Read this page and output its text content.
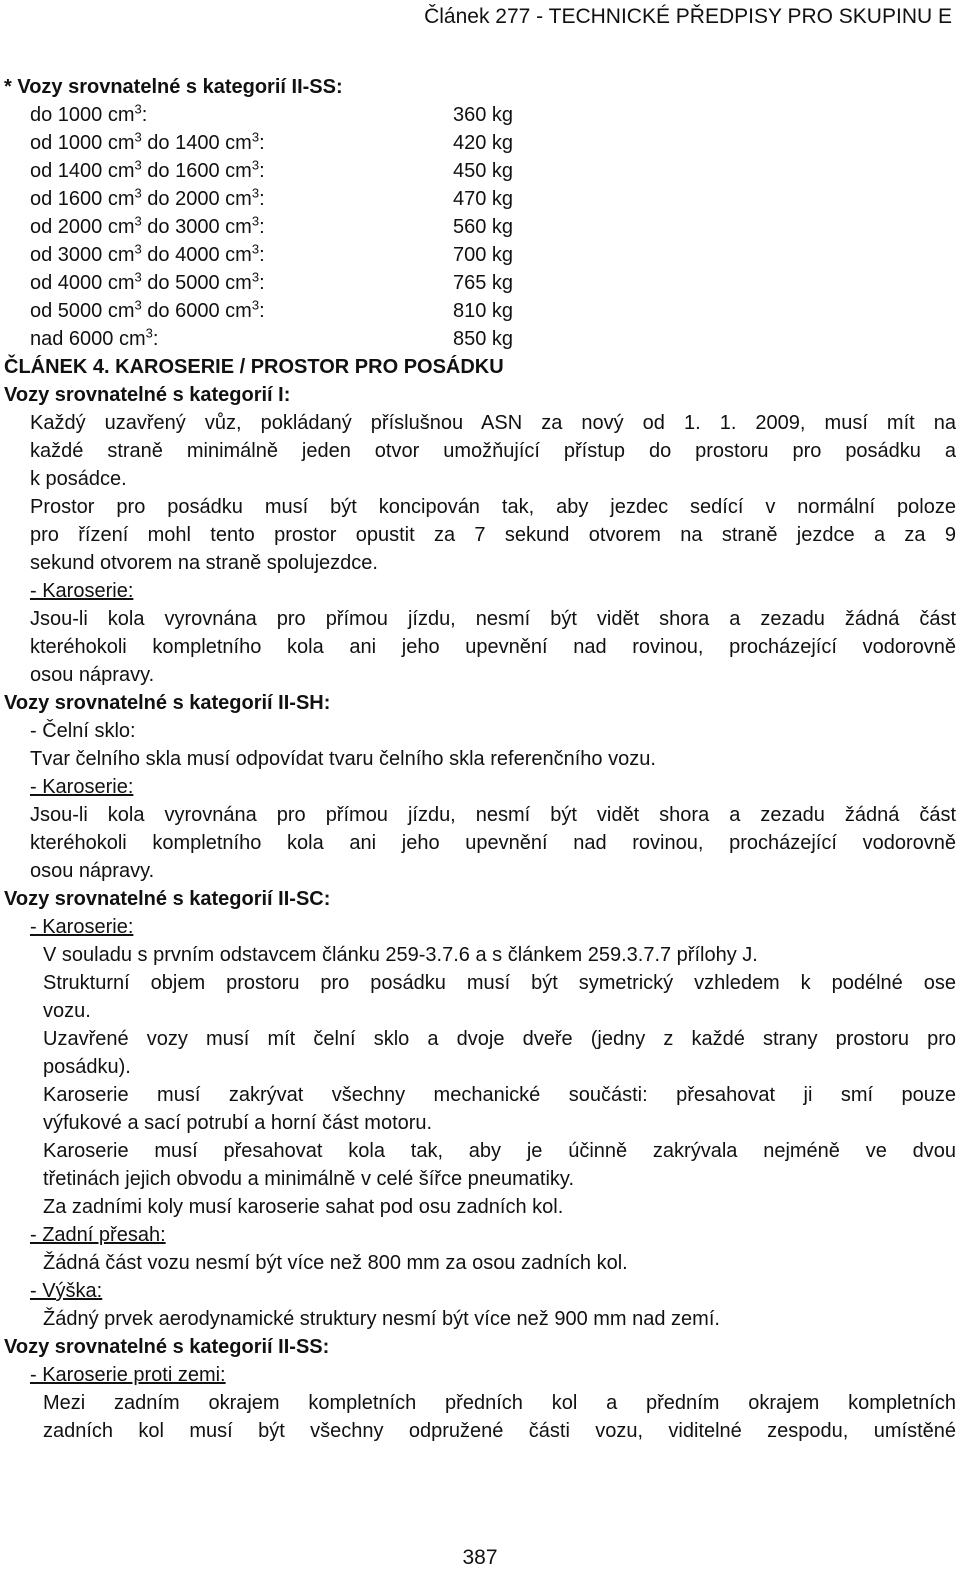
Článek 277 - TECHNICKÉ PŘEDPISY PRO SKUPINU E
* Vozy srovnatelné s kategorií II-SS:
do 1000 $cm^3$:	360 kg
od 1000 $cm^3$ do 1400 $cm^3$:	420 kg
od 1400 $cm^3$ do 1600 $cm^3$:	450 kg
od 1600 $cm^3$ do 2000 $cm^3$:	470 kg
od 2000 $cm^3$ do 3000 $cm^3$:	560 kg
od 3000 $cm^3$ do 4000 $cm^3$:	700 kg
od 4000 $cm^3$ do 5000 $cm^3$:	765 kg
od 5000 $cm^3$ do 6000 $cm^3$:	810 kg
nad 6000 $cm^3$:	850 kg
ČLÁNEK 4. KAROSERIE / PROSTOR PRO POSÁDKU
Vozy srovnatelné s kategorií I:
Každý uzavřený vůz, pokládaný příslušnou ASN za nový od 1. 1. 2009, musí mít na
každé straně minimálně jeden otvor umožňující přístup do prostoru pro posádku a
k posádce.
Prostor pro posádku musí být koncipován tak, aby jezdec sedící v normální poloze
pro řízení mohl tento prostor opustit za 7 sekund otvorem na straně jezdce a za 9
sekund otvorem na straně spolujezdce.
- Karoserie:
Jsou-li kola vyrovnána pro přímou jízdu, nesmí být vidět shora a zezadu žádná část
kteréhokoli kompletního kola ani jeho upevnění nad rovinou, procházející vodorovně
osou nápravy.
Vozy srovnatelné s kategorií II-SH:
- Čelní sklo:
Tvar čelního skla musí odpovídat tvaru čelního skla referenčního vozu.
- Karoserie:
Jsou-li kola vyrovnána pro přímou jízdu, nesmí být vidět shora a zezadu žádná část
kteréhokoli kompletního kola ani jeho upevnění nad rovinou, procházející vodorovně
osou nápravy.
Vozy srovnatelné s kategorií II-SC:
- Karoserie:
V souladu s prvním odstavcem článku 259-3.7.6 a s článkem 259.3.7.7 přílohy J.
Strukturní objem prostoru pro posádku musí být symetrický vzhledem k podélné ose
vozu.
Uzavřené vozy musí mít čelní sklo a dvoje dveře (jedny z každé strany prostoru pro
posádku).
Karoserie musí zakrývat všechny mechanické součásti: přesahovat ji smí pouze
výfukové a sací potrubí a horní část motoru.
Karoserie musí přesahovat kola tak, aby je účinně zakrývala nejméně ve dvou
třetinách jejich obvodu a minimálně v celé šířce pneumatiky.
Za zadními koly musí karoserie sahat pod osu zadních kol.
- Zadní přesah:
Žádná část vozu nesmí být více než 800 mm za osou zadních kol.
- Výška:
Žádný prvek aerodynamické struktury nesmí být více než 900 mm nad zemí.
Vozy srovnatelné s kategorií II-SS:
- Karoserie proti zemi:
Mezi zadním okrajem kompletních předních kol a předním okrajem kompletních
zadních kol musí být všechny odpružené části vozu, viditelné zespodu, umístěné
387
